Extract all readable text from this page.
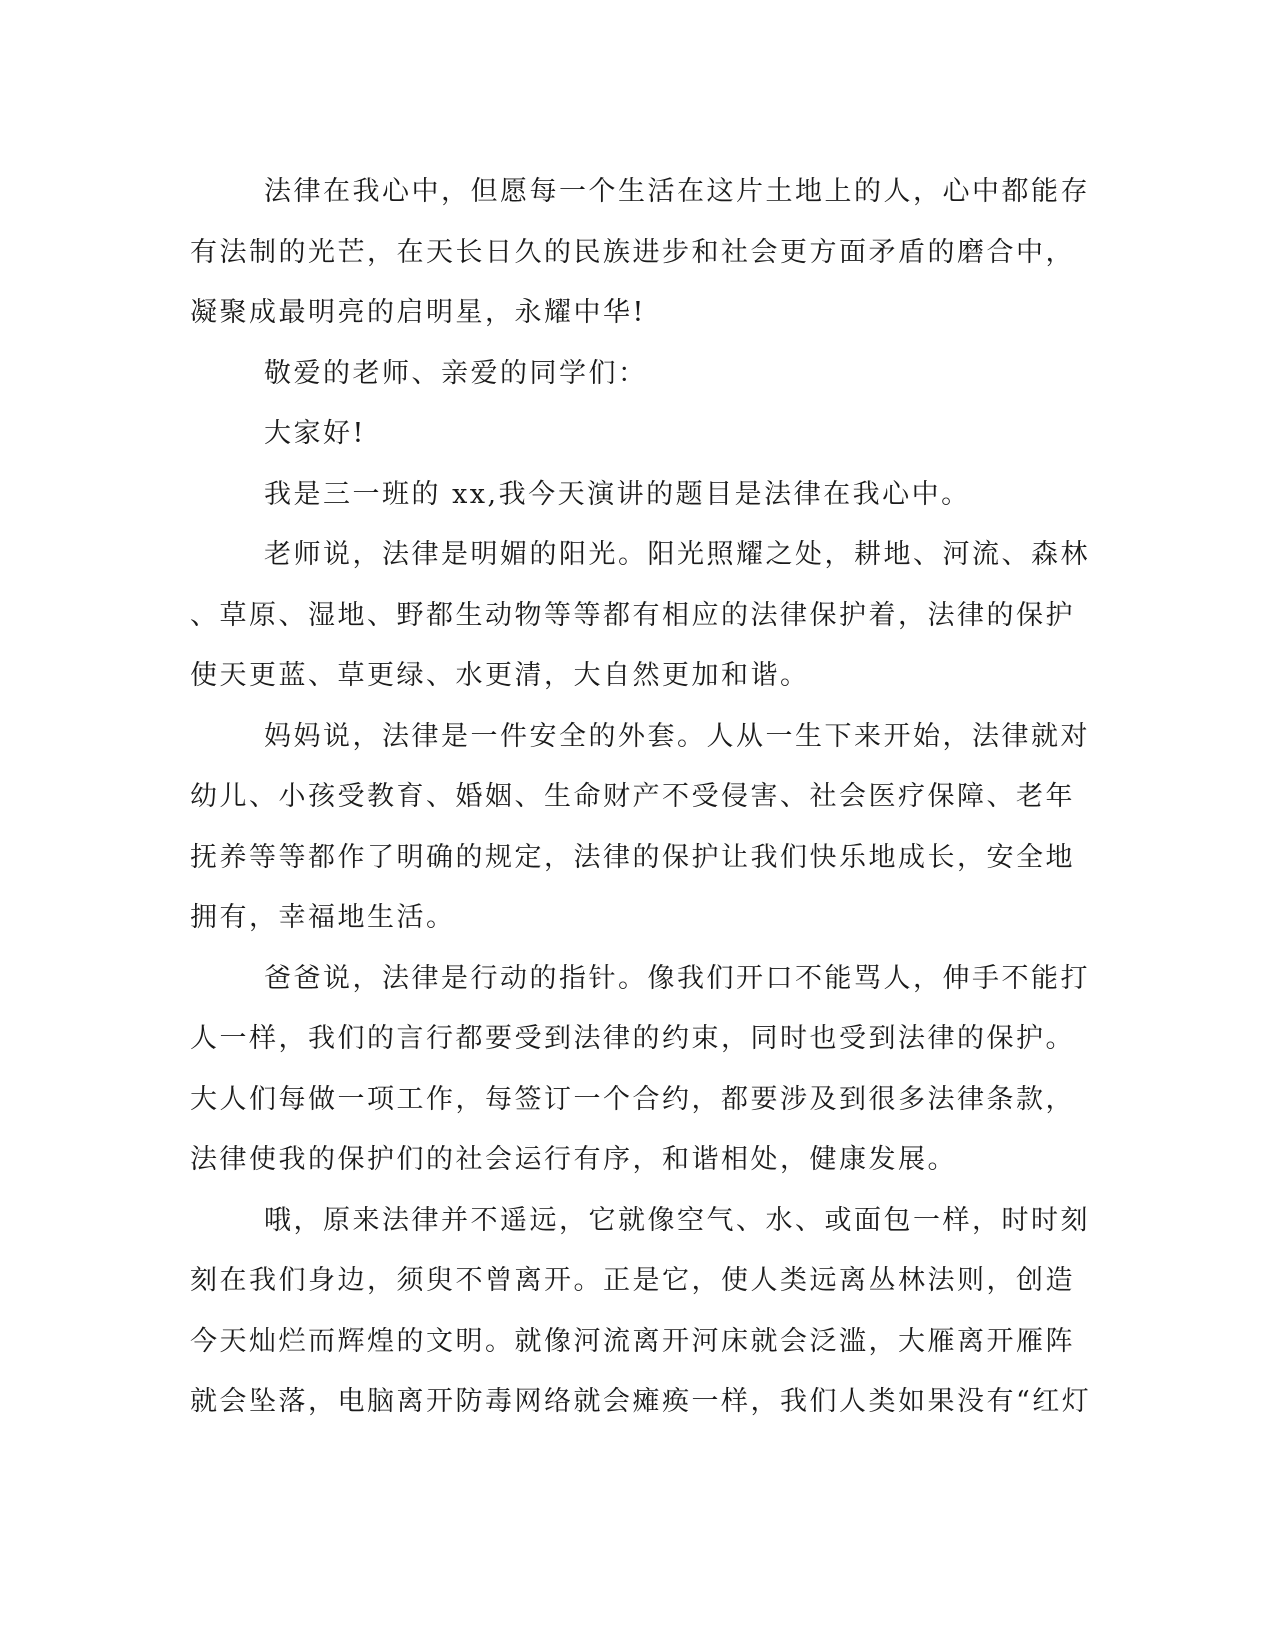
法律在我心中，但愿每一个生活在这片土地上的人，心中都能存
有法制的光芒，在天长日久的民族进步和社会更方面矛盾的磨合中，
凝聚成最明亮的启明星，永耀中华!
敬爱的老师、亲爱的同学们：
大家好!
我是三一班的 xx,我今天演讲的题目是法律在我心中。
老师说，法律是明媚的阳光。阳光照耀之处，耕地、河流、森林
、草原、湿地、野都生动物等等都有相应的法律保护着，法律的保护
使天更蓝、草更绿、水更清，大自然更加和谐。
妈妈说，法律是一件安全的外套。人从一生下来开始，法律就对
幼儿、小孩受教育、婚姻、生命财产不受侵害、社会医疗保障、老年
抚养等等都作了明确的规定，法律的保护让我们快乐地成长，安全地
拥有，幸福地生活。
爸爸说，法律是行动的指针。像我们开口不能骂人，伸手不能打
人一样，我们的言行都要受到法律的约束，同时也受到法律的保护。
大人们每做一项工作，每签订一个合约，都要涉及到很多法律条款，
法律使我的保护们的社会运行有序，和谐相处，健康发展。
哦，原来法律并不遥远，它就像空气、水、或面包一样，时时刻
刻在我们身边，须臾不曾离开。正是它，使人类远离丛林法则，创造
今天灿烂而辉煌的文明。就像河流离开河床就会泛滥，大雁离开雁阵
就会坠落，电脑离开防毒网络就会瘫痪一样，我们人类如果没有“红灯
